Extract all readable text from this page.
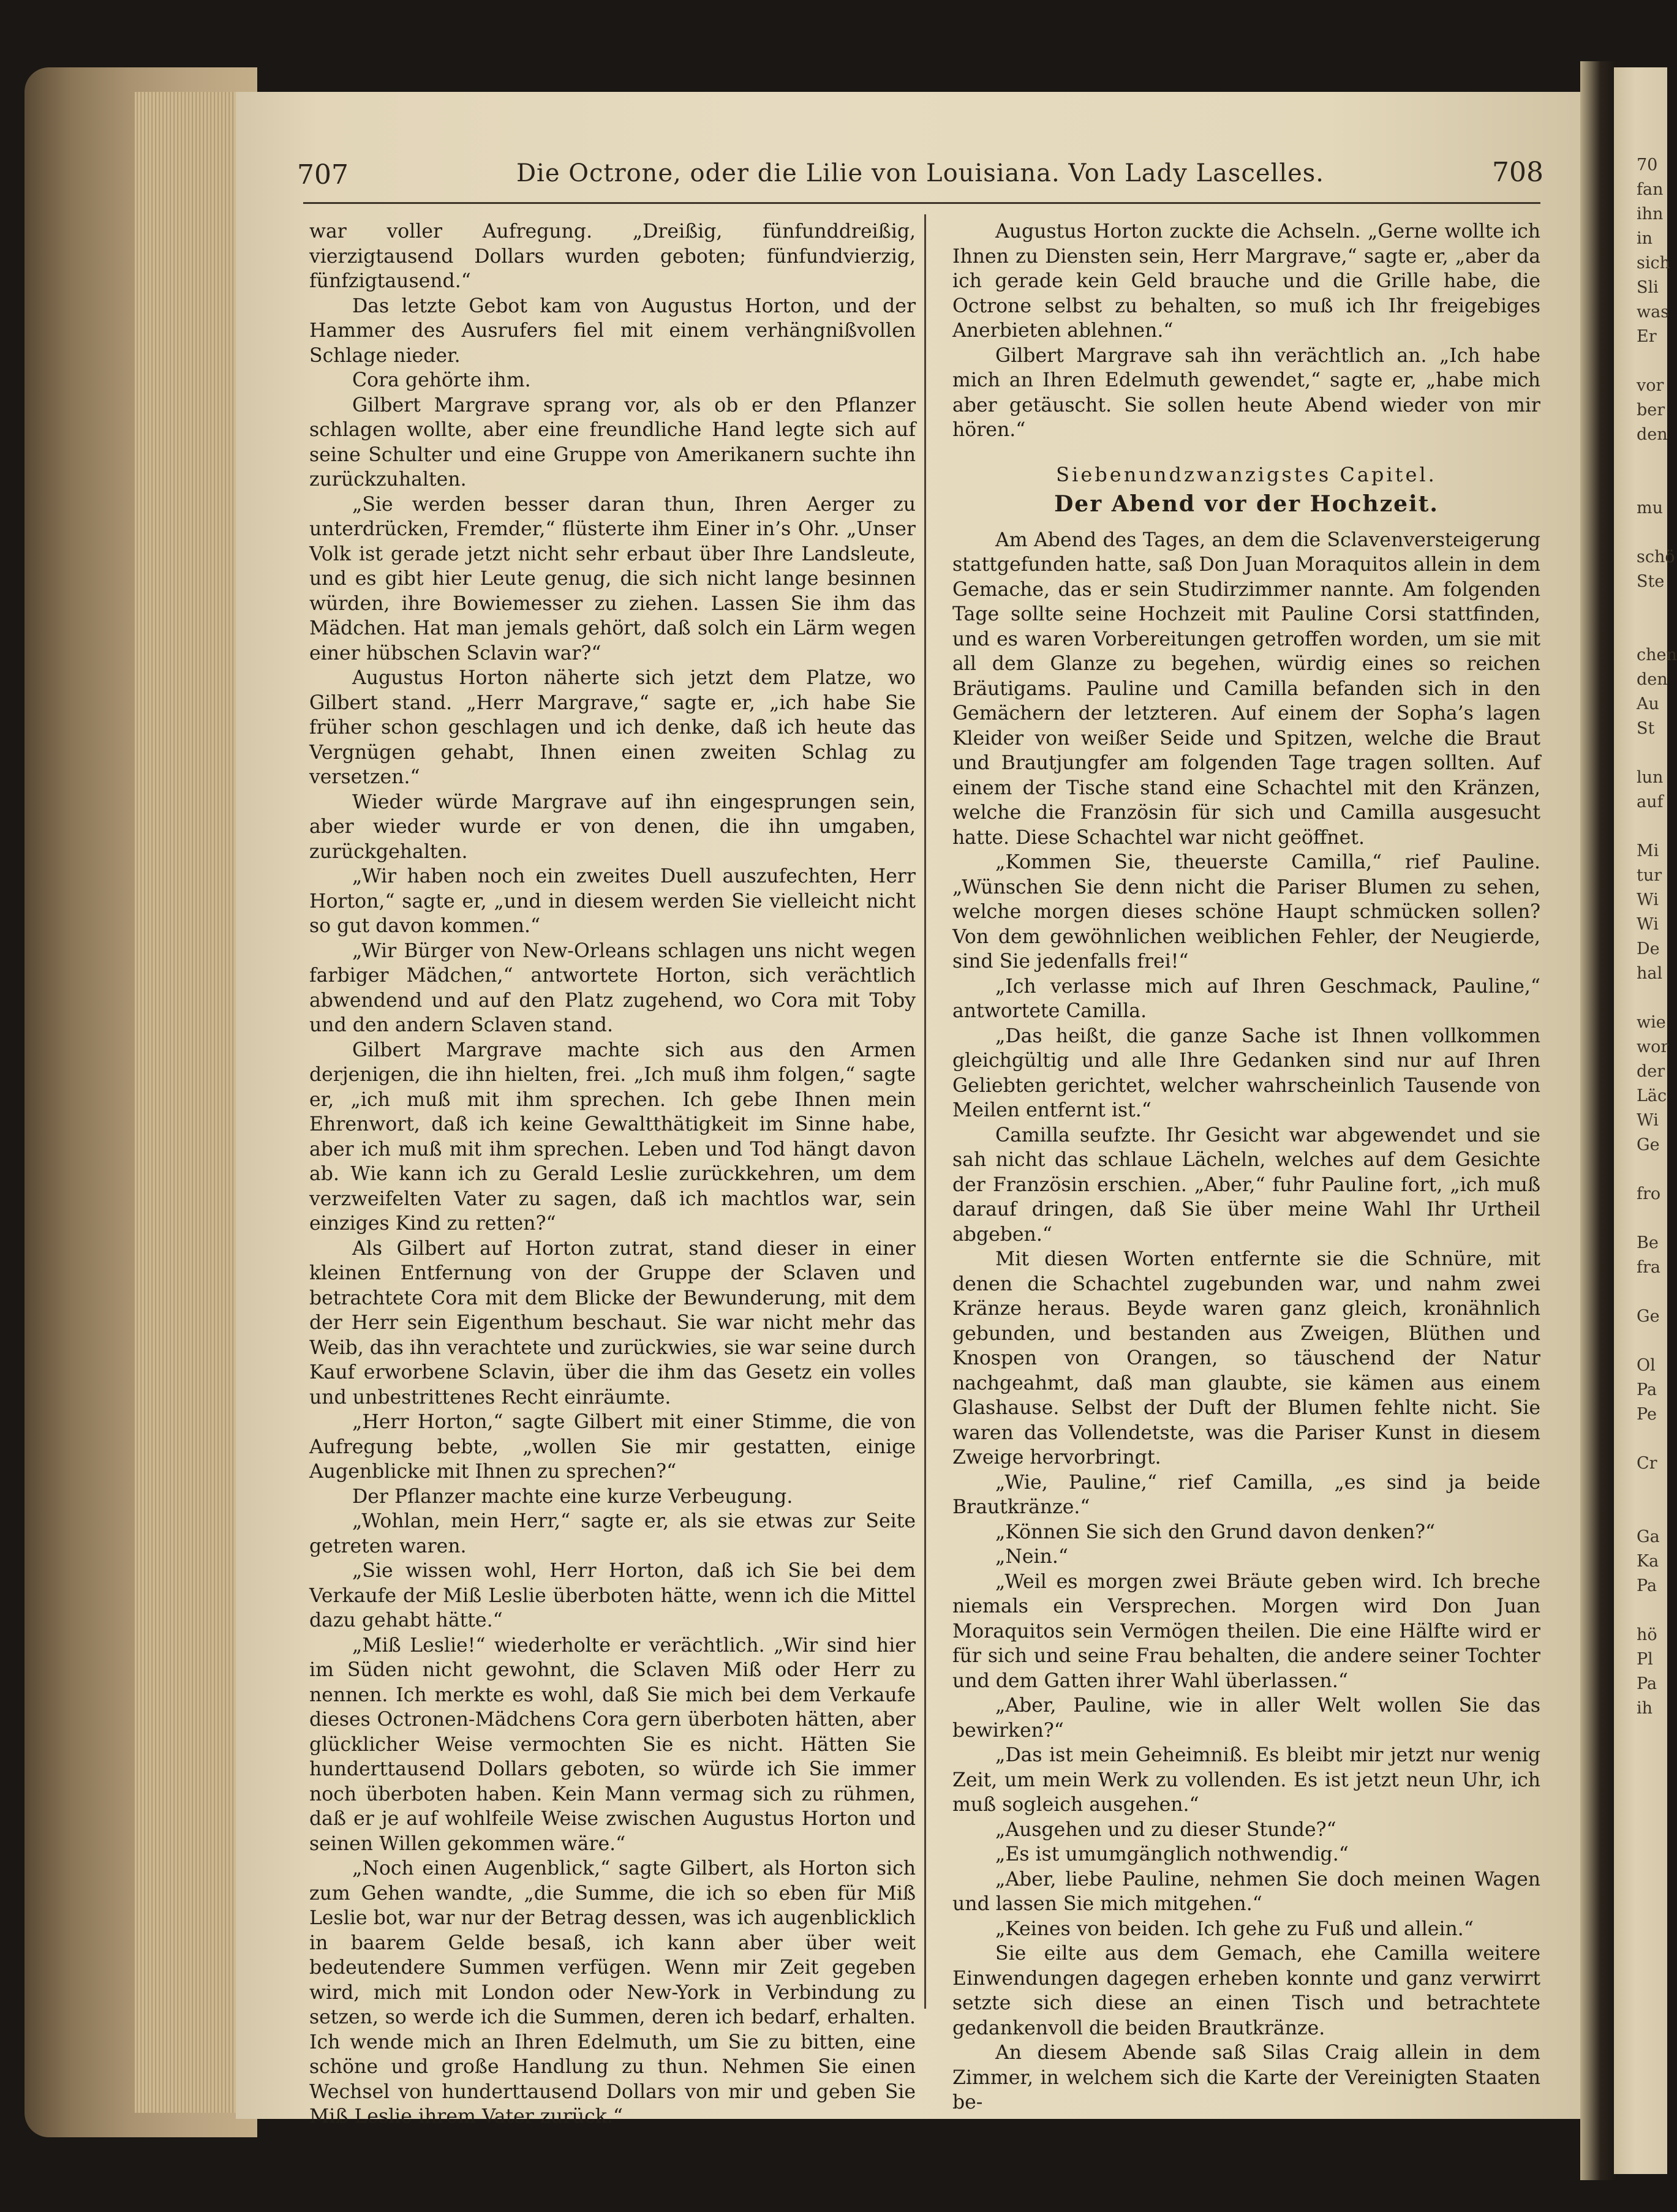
707	Die Octrone, oder die Lilie von Louisiana. Von Lady Lascelles.	708

war voller Aufregung. „Dreißig, fünfunddreißig, vierzigtausend Dollars wurden geboten; fünfundvierzig, fünfzigtausend.“

Das letzte Gebot kam von Augustus Horton, und der Hammer des Ausrufers fiel mit einem verhängnißvollen Schlage nieder.

Cora gehörte ihm.

Gilbert Margrave sprang vor, als ob er den Pflanzer schlagen wollte, aber eine freundliche Hand legte sich auf seine Schulter und eine Gruppe von Amerikanern suchte ihn zurückzuhalten.

„Sie werden besser daran thun, Ihren Aerger zu unterdrücken, Fremder,“ flüsterte ihm Einer in’s Ohr. „Unser Volk ist gerade jetzt nicht sehr erbaut über Ihre Landsleute, und es gibt hier Leute genug, die sich nicht lange besinnen würden, ihre Bowiemesser zu ziehen. Lassen Sie ihm das Mädchen. Hat man jemals gehört, daß solch ein Lärm wegen einer hübschen Sclavin war?“

Augustus Horton näherte sich jetzt dem Platze, wo Gilbert stand. „Herr Margrave,“ sagte er, „ich habe Sie früher schon geschlagen und ich denke, daß ich heute das Vergnügen gehabt, Ihnen einen zweiten Schlag zu versetzen.“

Wieder würde Margrave auf ihn eingesprungen sein, aber wieder wurde er von denen, die ihn umgaben, zurückgehalten.

„Wir haben noch ein zweites Duell auszufechten, Herr Horton,“ sagte er, „und in diesem werden Sie vielleicht nicht so gut davon kommen.“

„Wir Bürger von New-Orleans schlagen uns nicht wegen farbiger Mädchen,“ antwortete Horton, sich verächtlich abwendend und auf den Platz zugehend, wo Cora mit Toby und den andern Sclaven stand.

Gilbert Margrave machte sich aus den Armen derjenigen, die ihn hielten, frei. „Ich muß ihm folgen,“ sagte er, „ich muß mit ihm sprechen. Ich gebe Ihnen mein Ehrenwort, daß ich keine Gewaltthätigkeit im Sinne habe, aber ich muß mit ihm sprechen. Leben und Tod hängt davon ab. Wie kann ich zu Gerald Leslie zurückkehren, um dem verzweifelten Vater zu sagen, daß ich machtlos war, sein einziges Kind zu retten?“

Als Gilbert auf Horton zutrat, stand dieser in einer kleinen Entfernung von der Gruppe der Sclaven und betrachtete Cora mit dem Blicke der Bewunderung, mit dem der Herr sein Eigenthum beschaut. Sie war nicht mehr das Weib, das ihn verachtete und zurückwies, sie war seine durch Kauf erworbene Sclavin, über die ihm das Gesetz ein volles und unbestrittenes Recht einräumte.

„Herr Horton,“ sagte Gilbert mit einer Stimme, die von Aufregung bebte, „wollen Sie mir gestatten, einige Augenblicke mit Ihnen zu sprechen?“

Der Pflanzer machte eine kurze Verbeugung.

„Wohlan, mein Herr,“ sagte er, als sie etwas zur Seite getreten waren.

„Sie wissen wohl, Herr Horton, daß ich Sie bei dem Verkaufe der Miß Leslie überboten hätte, wenn ich die Mittel dazu gehabt hätte.“

„Miß Leslie!“ wiederholte er verächtlich. „Wir sind hier im Süden nicht gewohnt, die Sclaven Miß oder Herr zu nennen. Ich merkte es wohl, daß Sie mich bei dem Verkaufe dieses Octronen-Mädchens Cora gern überboten hätten, aber glücklicher Weise vermochten Sie es nicht. Hätten Sie hunderttausend Dollars geboten, so würde ich Sie immer noch überboten haben. Kein Mann vermag sich zu rühmen, daß er je auf wohlfeile Weise zwischen Augustus Horton und seinen Willen gekommen wäre.“

„Noch einen Augenblick,“ sagte Gilbert, als Horton sich zum Gehen wandte, „die Summe, die ich so eben für Miß Leslie bot, war nur der Betrag dessen, was ich augenblicklich in baarem Gelde besaß, ich kann aber über weit bedeutendere Summen verfügen. Wenn mir Zeit gegeben wird, mich mit London oder New-York in Verbindung zu setzen, so werde ich die Summen, deren ich bedarf, erhalten. Ich wende mich an Ihren Edelmuth, um Sie zu bitten, eine schöne und große Handlung zu thun. Nehmen Sie einen Wechsel von hunderttausend Dollars von mir und geben Sie Miß Leslie ihrem Vater zurück.“

Augustus Horton zuckte die Achseln. „Gerne wollte ich Ihnen zu Diensten sein, Herr Margrave,“ sagte er, „aber da ich gerade kein Geld brauche und die Grille habe, die Octrone selbst zu behalten, so muß ich Ihr freigebiges Anerbieten ablehnen.“

Gilbert Margrave sah ihn verächtlich an. „Ich habe mich an Ihren Edelmuth gewendet,“ sagte er, „habe mich aber getäuscht. Sie sollen heute Abend wieder von mir hören.“

Siebenundzwanzigstes Capitel.
Der Abend vor der Hochzeit.

Am Abend des Tages, an dem die Sclavenversteigerung stattgefunden hatte, saß Don Juan Moraquitos allein in dem Gemache, das er sein Studirzimmer nannte. Am folgenden Tage sollte seine Hochzeit mit Pauline Corsi stattfinden, und es waren Vorbereitungen getroffen worden, um sie mit all dem Glanze zu begehen, würdig eines so reichen Bräutigams. Pauline und Camilla befanden sich in den Gemächern der letzteren. Auf einem der Sopha’s lagen Kleider von weißer Seide und Spitzen, welche die Braut und Brautjungfer am folgenden Tage tragen sollten. Auf einem der Tische stand eine Schachtel mit den Kränzen, welche die Französin für sich und Camilla ausgesucht hatte. Diese Schachtel war nicht geöffnet.

„Kommen Sie, theuerste Camilla,“ rief Pauline. „Wünschen Sie denn nicht die Pariser Blumen zu sehen, welche morgen dieses schöne Haupt schmücken sollen? Von dem gewöhnlichen weiblichen Fehler, der Neugierde, sind Sie jedenfalls frei!“

„Ich verlasse mich auf Ihren Geschmack, Pauline,“ antwortete Camilla.

„Das heißt, die ganze Sache ist Ihnen vollkommen gleichgültig und alle Ihre Gedanken sind nur auf Ihren Geliebten gerichtet, welcher wahrscheinlich Tausende von Meilen entfernt ist.“

Camilla seufzte. Ihr Gesicht war abgewendet und sie sah nicht das schlaue Lächeln, welches auf dem Gesichte der Französin erschien. „Aber,“ fuhr Pauline fort, „ich muß darauf dringen, daß Sie über meine Wahl Ihr Urtheil abgeben.“

Mit diesen Worten entfernte sie die Schnüre, mit denen die Schachtel zugebunden war, und nahm zwei Kränze heraus. Beyde waren ganz gleich, kronähnlich gebunden, und bestanden aus Zweigen, Blüthen und Knospen von Orangen, so täuschend der Natur nachgeahmt, daß man glaubte, sie kämen aus einem Glashause. Selbst der Duft der Blumen fehlte nicht. Sie waren das Vollendetste, was die Pariser Kunst in diesem Zweige hervorbringt.

„Wie, Pauline,“ rief Camilla, „es sind ja beide Brautkränze.“

„Können Sie sich den Grund davon denken?“

„Nein.“

„Weil es morgen zwei Bräute geben wird. Ich breche niemals ein Versprechen. Morgen wird Don Juan Moraquitos sein Vermögen theilen. Die eine Hälfte wird er für sich und seine Frau behalten, die andere seiner Tochter und dem Gatten ihrer Wahl überlassen.“

„Aber, Pauline, wie in aller Welt wollen Sie das bewirken?“

„Das ist mein Geheimniß. Es bleibt mir jetzt nur wenig Zeit, um mein Werk zu vollenden. Es ist jetzt neun Uhr, ich muß sogleich ausgehen.“

„Ausgehen und zu dieser Stunde?“

„Es ist umumgänglich nothwendig.“

„Aber, liebe Pauline, nehmen Sie doch meinen Wagen und lassen Sie mich mitgehen.“

„Keines von beiden. Ich gehe zu Fuß und allein.“

Sie eilte aus dem Gemach, ehe Camilla weitere Einwendungen dagegen erheben konnte und ganz verwirrt setzte sich diese an einen Tisch und betrachtete gedankenvoll die beiden Brautkränze.

An diesem Abende saß Silas Craig allein in dem Zimmer, in welchem sich die Karte der Vereinigten Staaten be-

70
fan
ihn
in
sich
Sli
was
Er
vor
ber
den
mu
schö
Ste
chen
den
Au
St
lun
auf
Mi
tur
Wi
Wi
De
hal
wie
wor
der
Läc
Wi
Ge
fro
Be
fra
Ge
Ol
Pa
Pe
Cr
Ga
Ka
Pa
hö
Pl
Pa
ih
